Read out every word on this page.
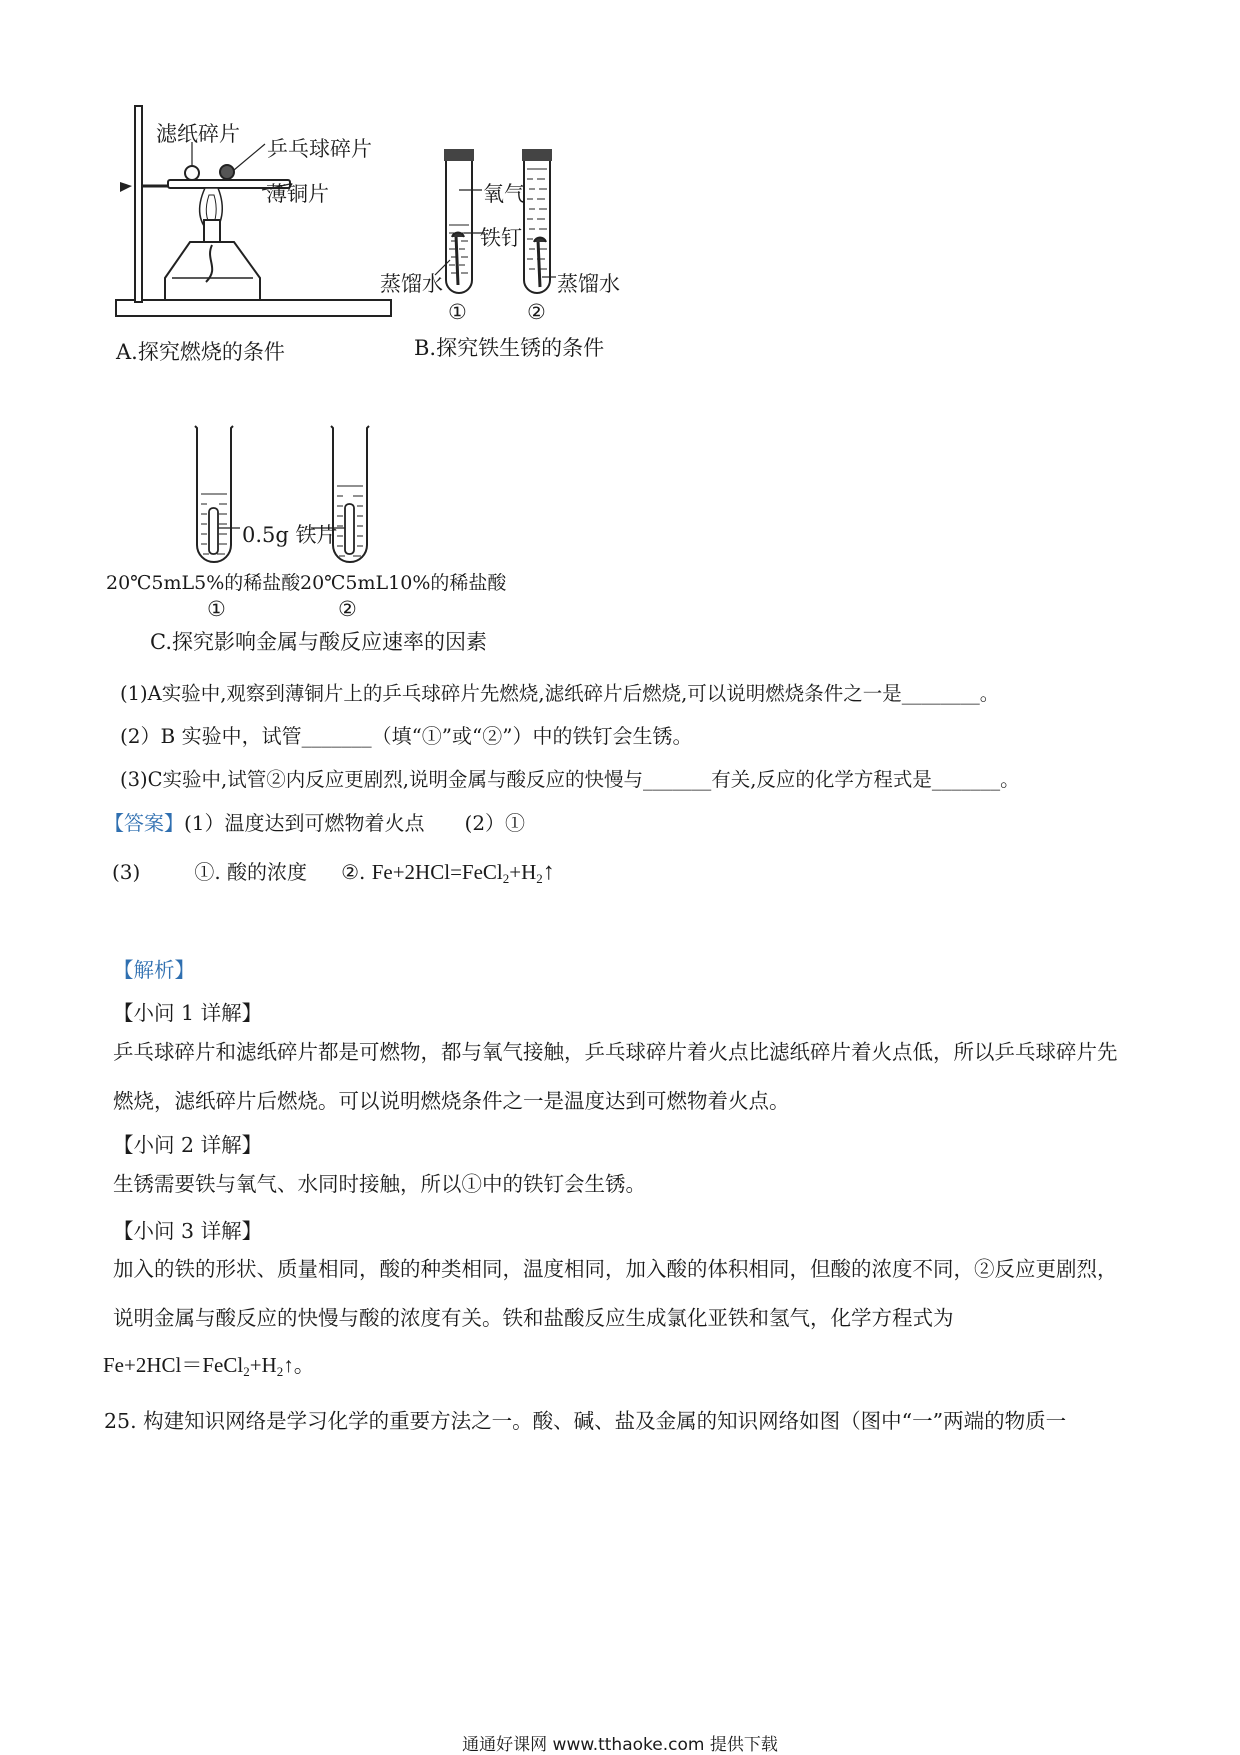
滤纸碎片
乒乓球碎片
薄铜片
A.探究燃烧的条件
氧气
铁钉
蒸馏水	蒸馏水
①	②
B.探究铁生锈的条件
0.5g 铁片
20℃5mL5%的稀盐酸 20℃5mL10%的稀盐酸
①	②
C.探究影响金属与酸反应速率的因素
(1)A实验中,观察到薄铜片上的乒乓球碎片先燃烧,滤纸碎片后燃烧,可以说明燃烧条件之一是________。
(2）B 实验中，试管_______（填“①”或“②”）中的铁钉会生锈。
(3)C实验中,试管②内反应更剧烈,说明金属与酸反应的快慢与_______有关,反应的化学方程式是_______。
【答案】(1）温度达到可燃物着火点 (2）①
(3)	①. 酸的浓度 ②. $Fe+2HCl=FeCl_2+H_2↑$
【解析】
【小问 1 详解】
乒乓球碎片和滤纸碎片都是可燃物，都与氧气接触，乒乓球碎片着火点比滤纸碎片着火点低，所以乒乓球碎片先燃烧，滤纸碎片后燃烧。可以说明燃烧条件之一是温度达到可燃物着火点。
【小问 2 详解】
生锈需要铁与氧气、水同时接触，所以①中的铁钉会生锈。
【小问 3 详解】
加入的铁的形状、质量相同，酸的种类相同，温度相同，加入酸的体积相同，但酸的浓度不同，②反应更剧烈，说明金属与酸反应的快慢与酸的浓度有关。铁和盐酸反应生成氯化亚铁和氢气，化学方程式为
$Fe+2HCl=FeCl_2+H_2↑$。
25. 构建知识网络是学习化学的重要方法之一。酸、碱、盐及金属的知识网络如图（图中“一”两端的物质一
通通好课网 www.tthaoke.com 提供下载
